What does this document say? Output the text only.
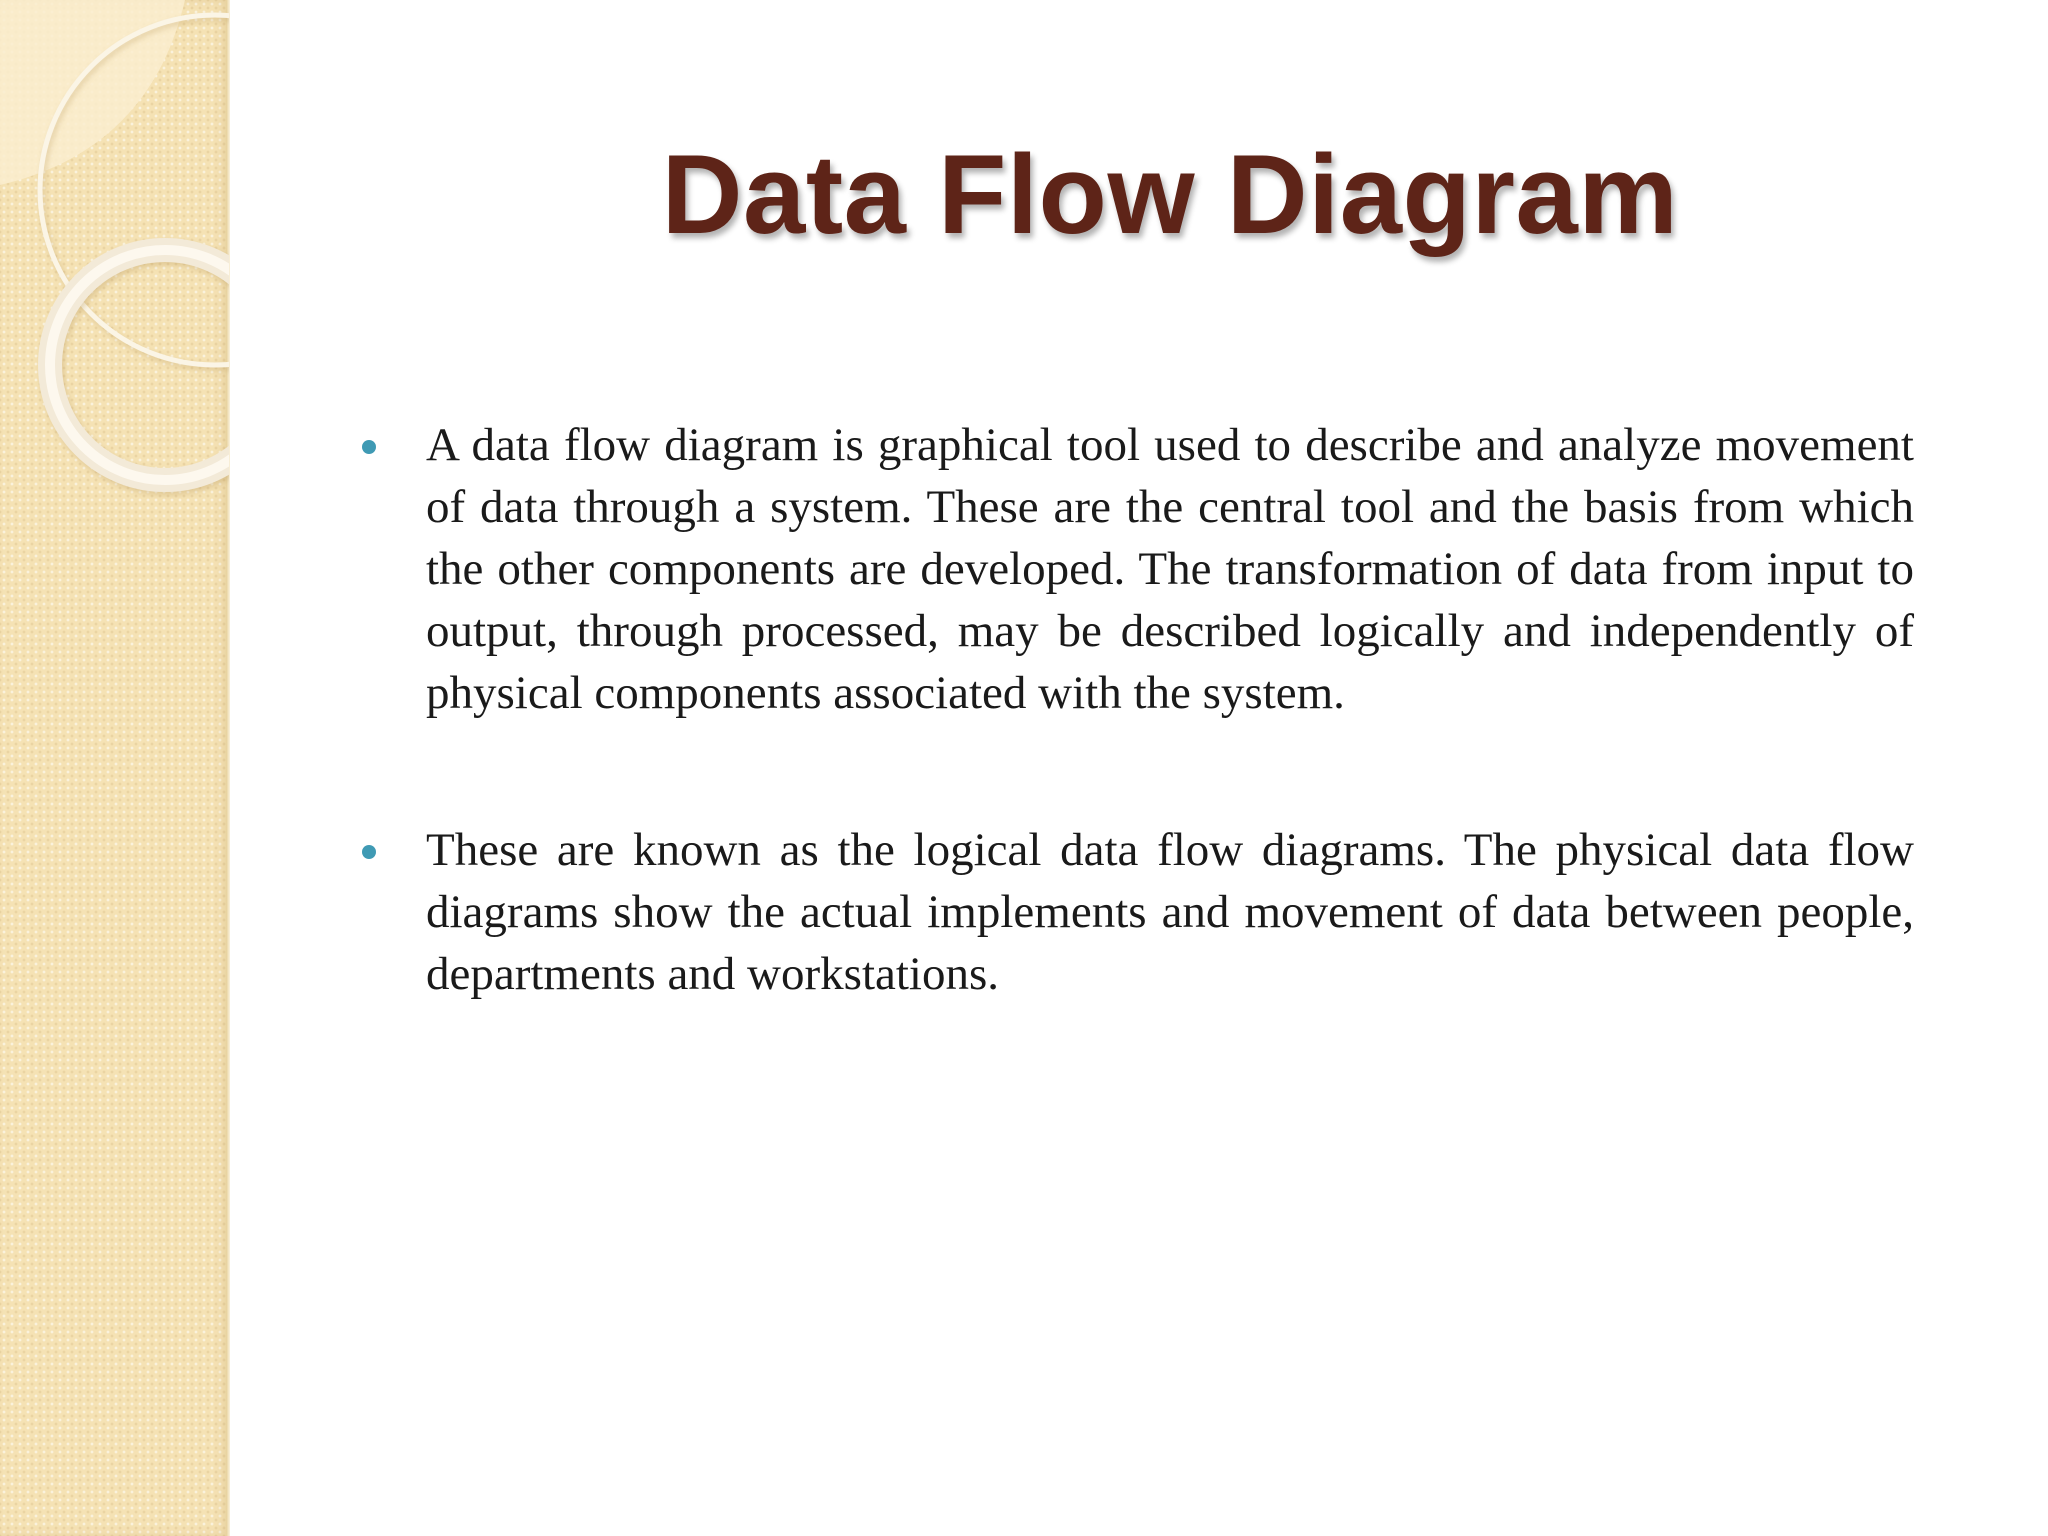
Data Flow Diagram
A data flow diagram is graphical tool used to describe and analyze movement of data through a system. These are the central tool and the basis from which the other components are developed. The transformation of data from input to output, through processed, may be described logically and independently of physical components associated with the system.
These are known as the logical data flow diagrams. The physical data flow diagrams show the actual implements and movement of data between people, departments and workstations.
